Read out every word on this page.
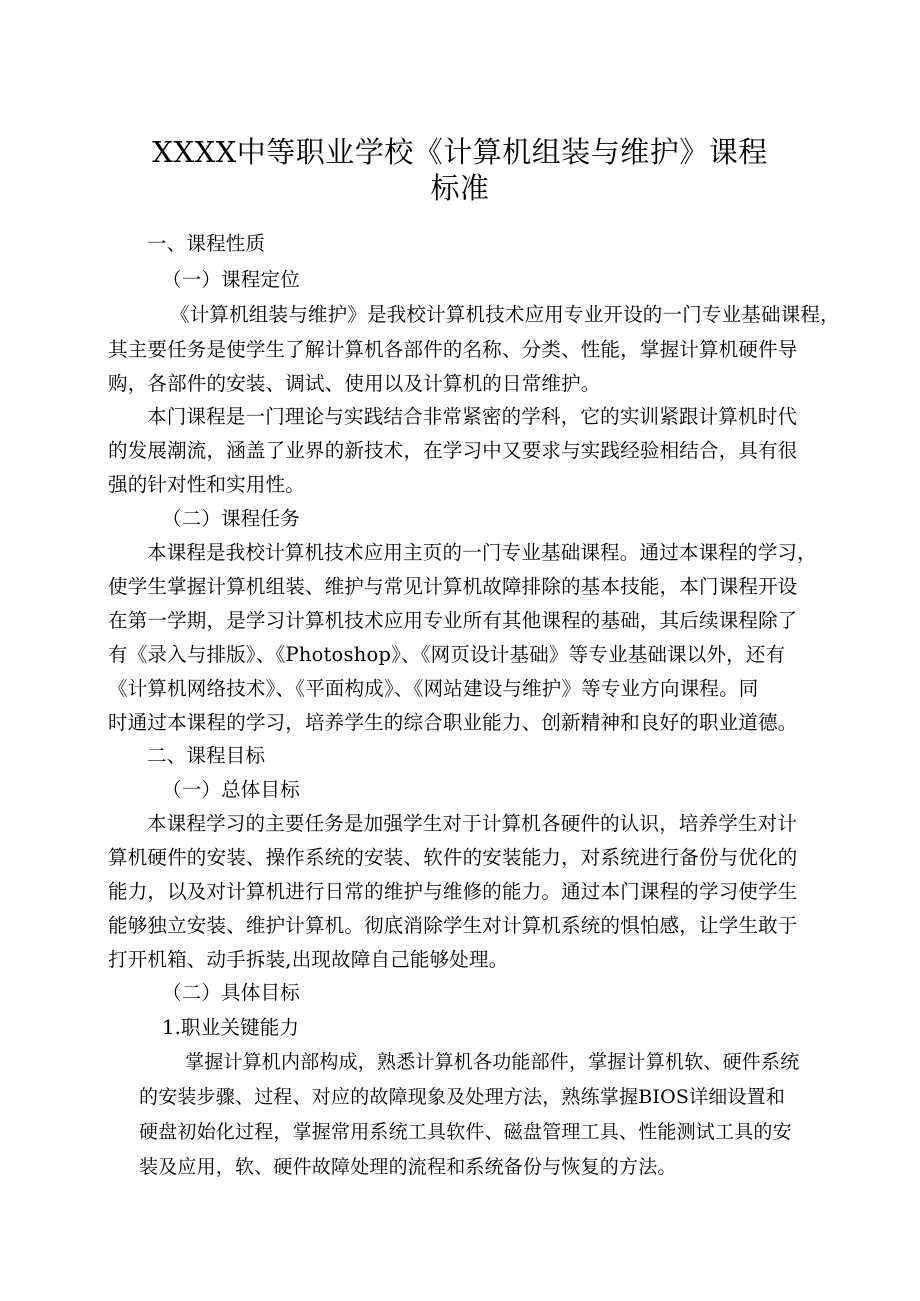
XXXX中等职业学校《计算机组装与维护》课程
标准
一、课程性质
（一）课程定位
《计算机组装与维护》是我校计算机技术应用专业开设的一门专业基础课程，
其主要任务是使学生了解计算机各部件的名称、分类、性能，掌握计算机硬件导
购，各部件的安装、调试、使用以及计算机的日常维护。
本门课程是一门理论与实践结合非常紧密的学科，它的实训紧跟计算机时代
的发展潮流，涵盖了业界的新技术，在学习中又要求与实践经验相结合，具有很
强的针对性和实用性。
（二）课程任务
本课程是我校计算机技术应用主页的一门专业基础课程。通过本课程的学习，
使学生掌握计算机组装、维护与常见计算机故障排除的基本技能，本门课程开设
在第一学期，是学习计算机技术应用专业所有其他课程的基础，其后续课程除了
有《录入与排版》、《Photoshop》、《网页设计基础》等专业基础课以外，还有
《计算机网络技术》、《平面构成》、《网站建设与维护》等专业方向课程。同
时通过本课程的学习，培养学生的综合职业能力、创新精神和良好的职业道德。
二、课程目标
（一）总体目标
本课程学习的主要任务是加强学生对于计算机各硬件的认识，培养学生对计
算机硬件的安装、操作系统的安装、软件的安装能力，对系统进行备份与优化的
能力，以及对计算机进行日常的维护与维修的能力。通过本门课程的学习使学生
能够独立安装、维护计算机。彻底消除学生对计算机系统的惧怕感，让学生敢于
打开机箱、动手拆装,出现故障自己能够处理。
（二）具体目标
1.职业关键能力
掌握计算机内部构成，熟悉计算机各功能部件，掌握计算机软、硬件系统
的安装步骤、过程、对应的故障现象及处理方法，熟练掌握BIOS详细设置和
硬盘初始化过程，掌握常用系统工具软件、磁盘管理工具、性能测试工具的安
装及应用，软、硬件故障处理的流程和系统备份与恢复的方法。
